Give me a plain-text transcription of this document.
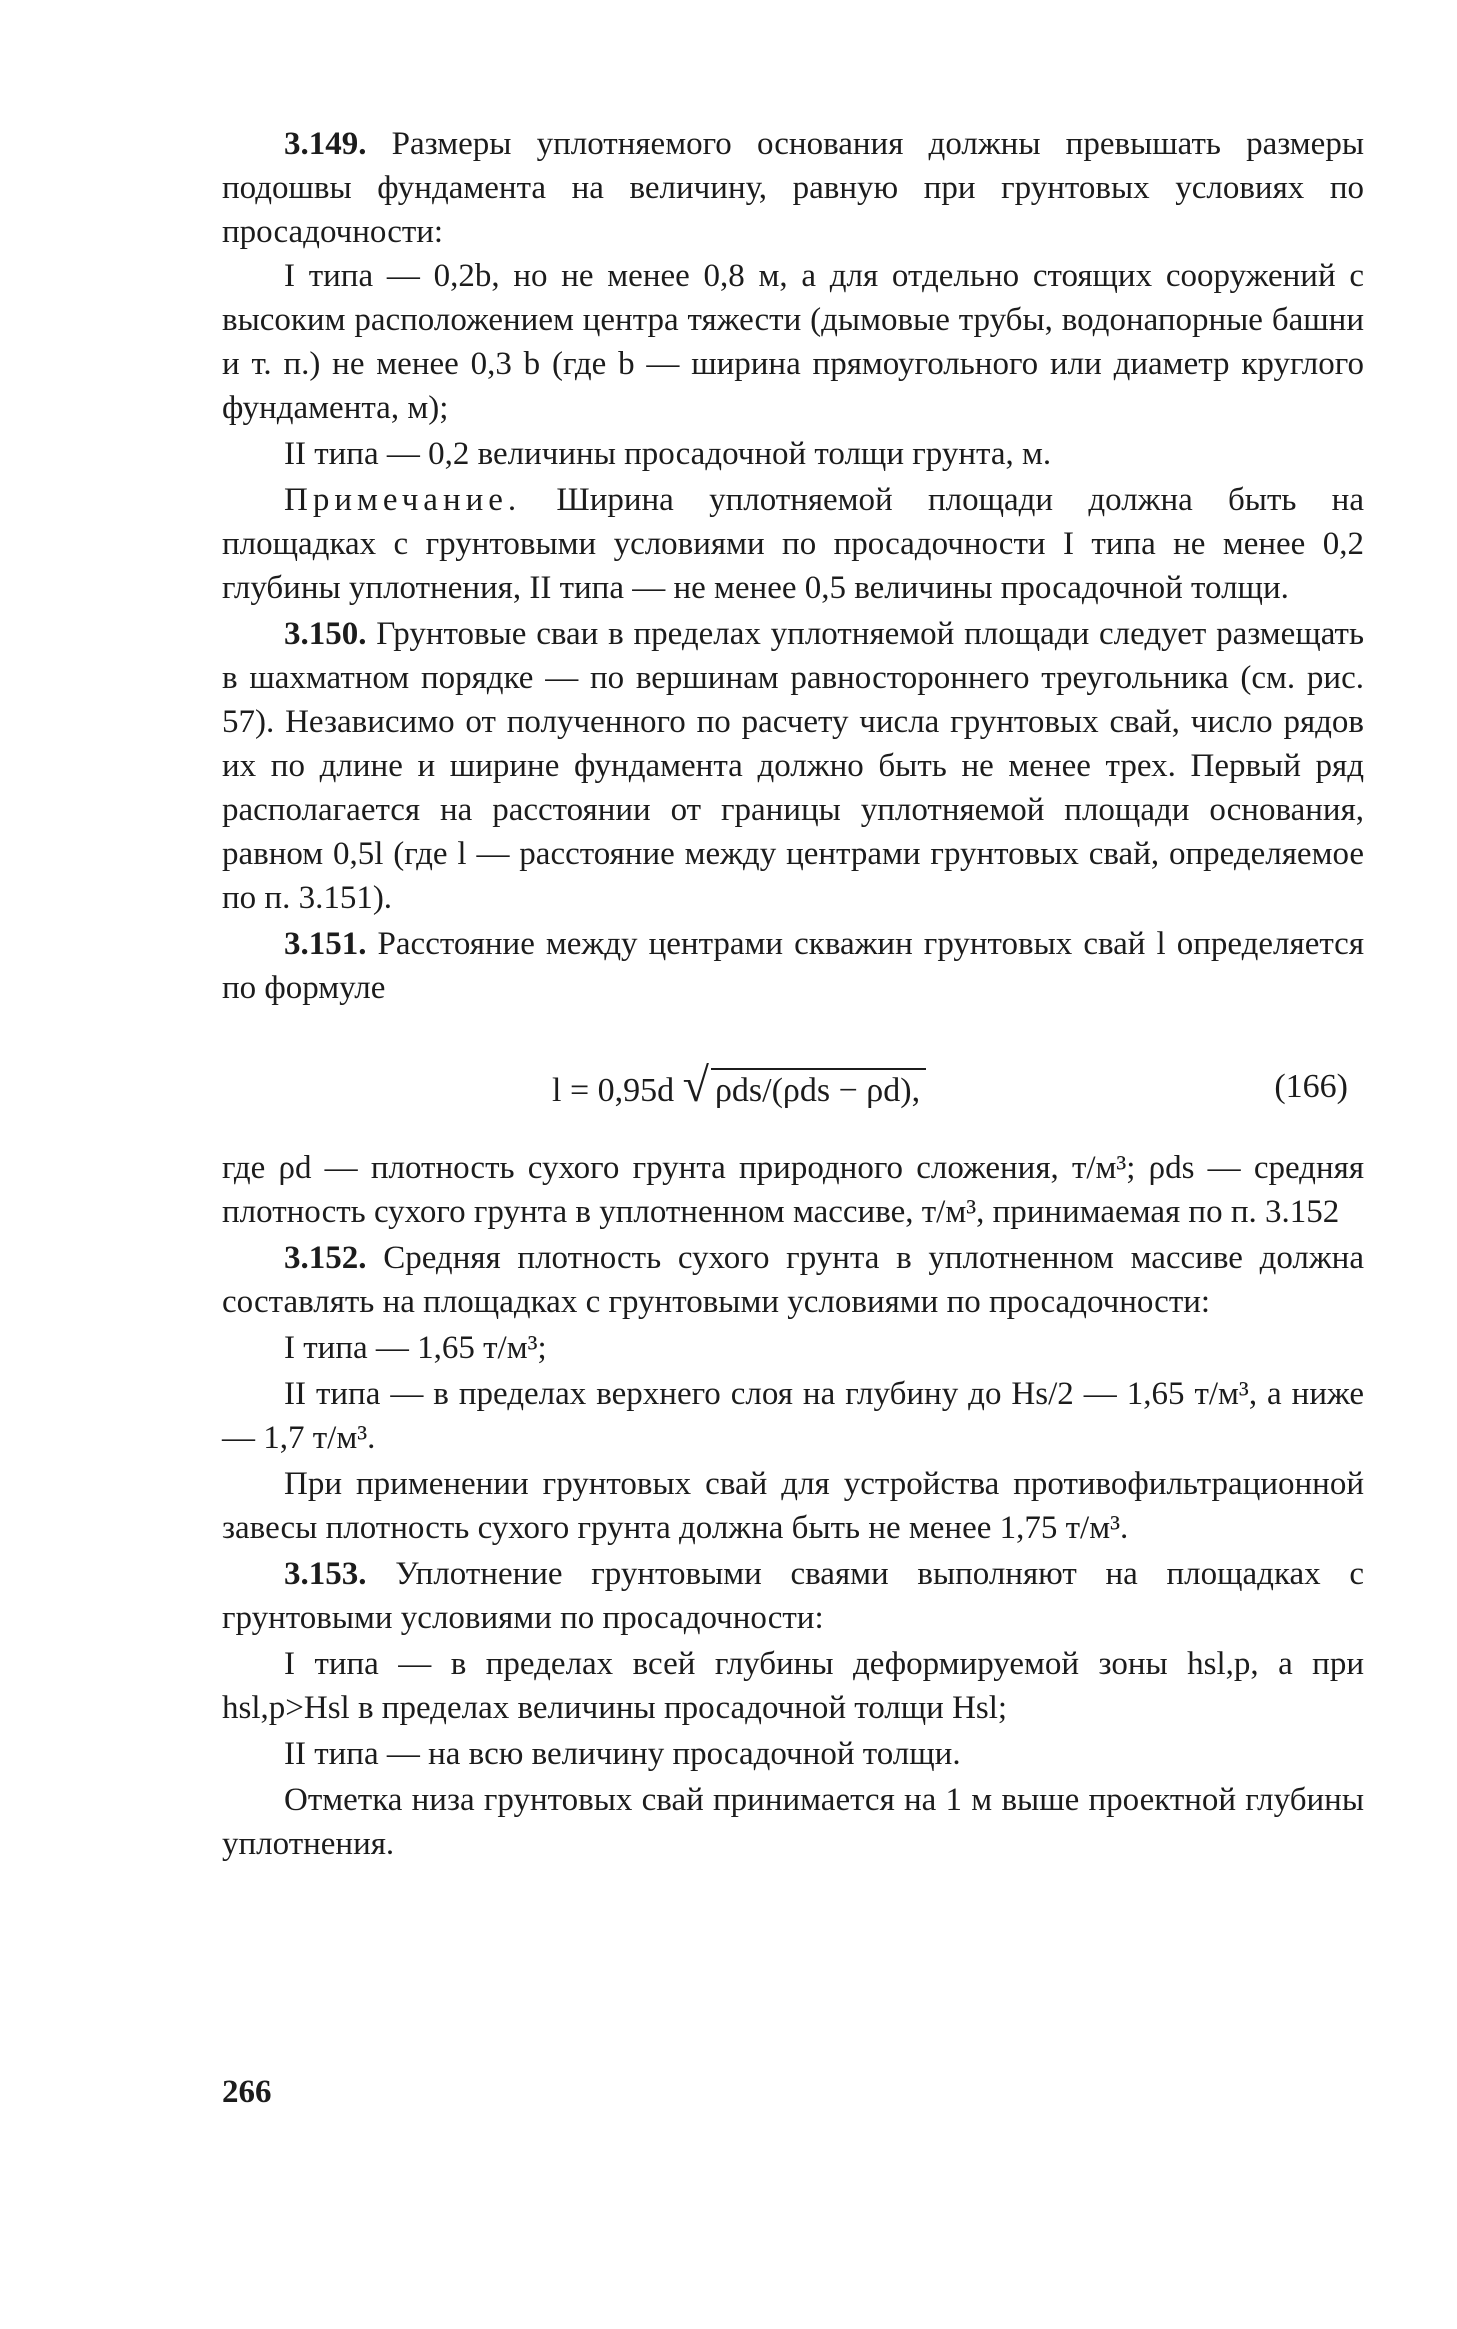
3.149. Размеры уплотняемого основания должны превышать размеры подошвы фундамента на величину, равную при грунтовых условиях по просадочности:

I типа — 0,2b, но не менее 0,8 м, а для отдельно стоящих сооружений с высоким расположением центра тяжести (дымовые трубы, водонапорные башни и т. п.) не менее 0,3 b (где b — ширина прямоугольного или диаметр круглого фундамента, м);

II типа — 0,2 величины просадочной толщи грунта, м.

Примечание. Ширина уплотняемой площади должна быть на площадках с грунтовыми условиями по просадочности I типа не менее 0,2 глубины уплотнения, II типа — не менее 0,5 величины просадочной толщи.

3.150. Грунтовые сваи в пределах уплотняемой площади следует размещать в шахматном порядке — по вершинам равностороннего треугольника (см. рис. 57). Независимо от полученного по расчету числа грунтовых свай, число рядов их по длине и ширине фундамента должно быть не менее трех. Первый ряд располагается на расстоянии от границы уплотняемой площади основания, равном 0,5l (где l — расстояние между центрами грунтовых свай, определяемое по п. 3.151).

3.151. Расстояние между центрами скважин грунтовых свай l определяется по формуле

l = 0,95d √ ρds/(ρds − ρd),	(166)

где ρd — плотность сухого грунта природного сложения, т/м³; ρds — средняя плотность сухого грунта в уплотненном массиве, т/м³, принимаемая по п. 3.152

3.152. Средняя плотность сухого грунта в уплотненном массиве должна составлять на площадках с грунтовыми условиями по просадочности:

I типа — 1,65 т/м³;

II типа — в пределах верхнего слоя на глубину до Hs/2 — 1,65 т/м³, а ниже — 1,7 т/м³.

При применении грунтовых свай для устройства противофильтрационной завесы плотность сухого грунта должна быть не менее 1,75 т/м³.

3.153. Уплотнение грунтовыми сваями выполняют на площадках с грунтовыми условиями по просадочности:

I типа — в пределах всей глубины деформируемой зоны hsl,p, а при hsl,p>Hsl в пределах величины просадочной толщи Hsl;

II типа — на всю величину просадочной толщи.

Отметка низа грунтовых свай принимается на 1 м выше проектной глубины уплотнения.

266
